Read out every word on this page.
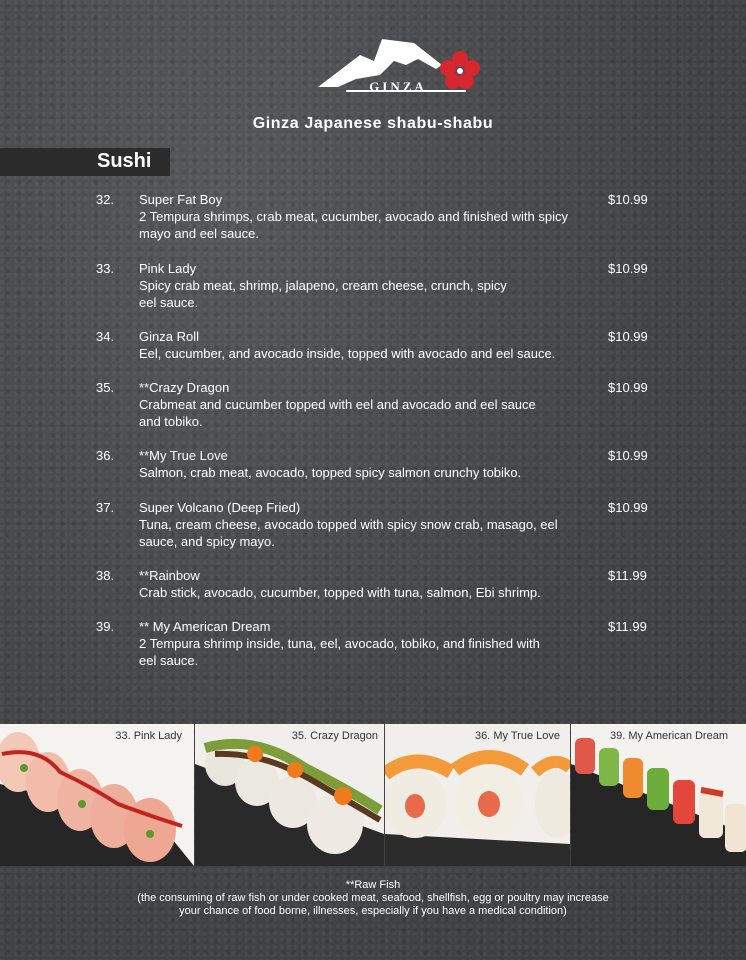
GINZA
Ginza Japanese shabu-shabu
Sushi
32. Super Fat Boy	$10.99
2 Tempura shrimps, crab meat, cucumber, avocado and finished with spicy mayo and eel sauce.
33. Pink Lady	$10.99
Spicy crab meat, shrimp, jalapeno, cream cheese, crunch, spicy eel sauce.
34. Ginza Roll	$10.99
Eel, cucumber, and avocado inside, topped with avocado and eel sauce.
35. **Crazy Dragon	$10.99
Crabmeat and cucumber topped with eel and avocado and eel sauce and tobiko.
36. **My True Love	$10.99
Salmon, crab meat, avocado, topped spicy salmon crunchy tobiko.
37. Super Volcano (Deep Fried)	$10.99
Tuna, cream cheese, avocado topped with spicy snow crab, masago, eel sauce, and spicy mayo.
38. **Rainbow	$11.99
Crab stick, avocado, cucumber, topped with tuna, salmon, Ebi shrimp.
39. ** My American Dream	$11.99
2 Tempura shrimp inside, tuna, eel, avocado, tobiko, and finished with eel sauce.
33. Pink Lady	35. Crazy Dragon	36. My True Love	39. My American Dream
**Raw Fish
(the consuming of raw fish or under cooked meat, seafood, shellfish, egg or poultry may increase your chance of food borne, illnesses, especially if you have a medical condition)
